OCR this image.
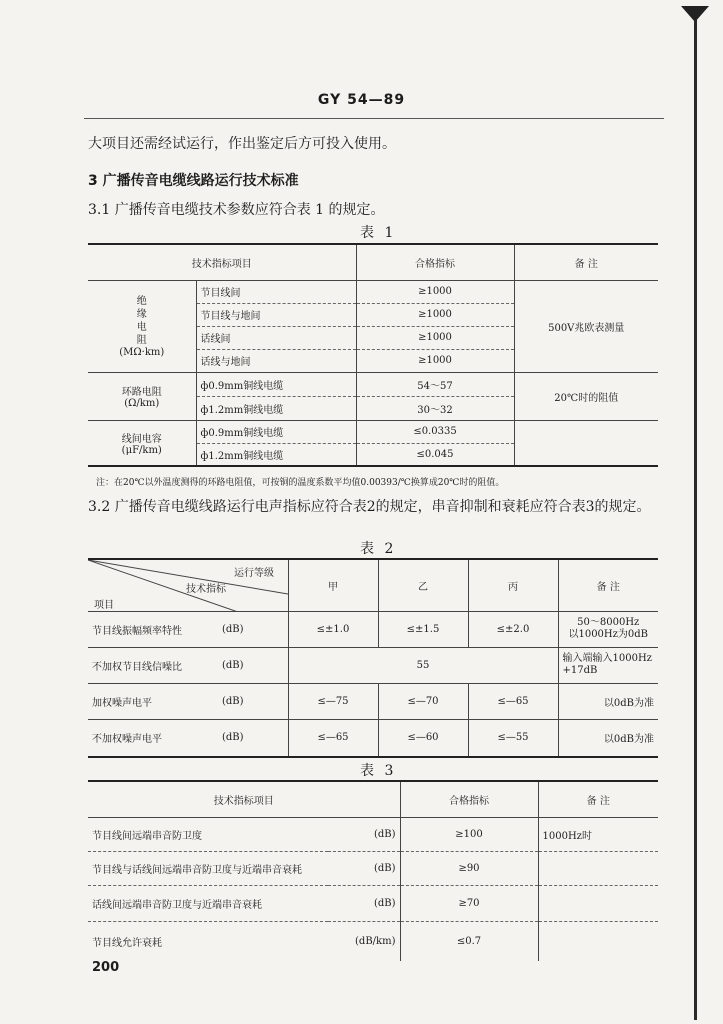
GY 54—89
大项目还需经试运行，作出鉴定后方可投入使用。
3 广播传音电缆线路运行技术标准
3.1 广播传音电缆技术参数应符合表 1 的规定。
表 1
技术指标项目		合格指标	备 注

绝
缘
电
阻
(MΩ·km)	节目线间	≥1000	500V兆欧表测量
	节目线与地间	≥1000	
	话线间	≥1000	
	话线与地间	≥1000	

环路电阻
(Ω/km)	ф0.9mm铜线电缆	54～57	20℃时的阻值
	ф1.2mm铜线电缆	30～32	

线间电容
(μF/km)	ф0.9mm铜线电缆	≤0.0335	
	ф1.2mm铜线电缆	≤0.045	
注：在20℃以外温度测得的环路电阻值，可按铜的温度系数平均值0.00393/℃换算成20℃时的阻值。
3.2 广播传音电缆线路运行电声指标应符合表2的规定，串音抑制和衰耗应符合表3的规定。
表 2
运行等级
技术指标
项目		甲	乙	丙	备 注
节目线振幅频率特性	(dB)	≤±1.0	≤±1.5	≤±2.0	50～8000Hz
以1000Hz为0dB
不加权节目线信噪比	(dB)	55			输入端输入1000Hz
+17dB
加权噪声电平	(dB)	≤—75	≤—70	≤—65	以0dB为准
不加权噪声电平	(dB)	≤—65	≤—60	≤—55	以0dB为准
表 3
技术指标项目		合格指标	备 注
节目线间远端串音防卫度	(dB)	≥100	1000Hz时
节目线与话线间远端串音防卫度与近端串音衰耗	(dB)	≥90	
话线间远端串音防卫度与近端串音衰耗	(dB)	≥70	
节目线允许衰耗	(dB/km)	≤0.7	
200
